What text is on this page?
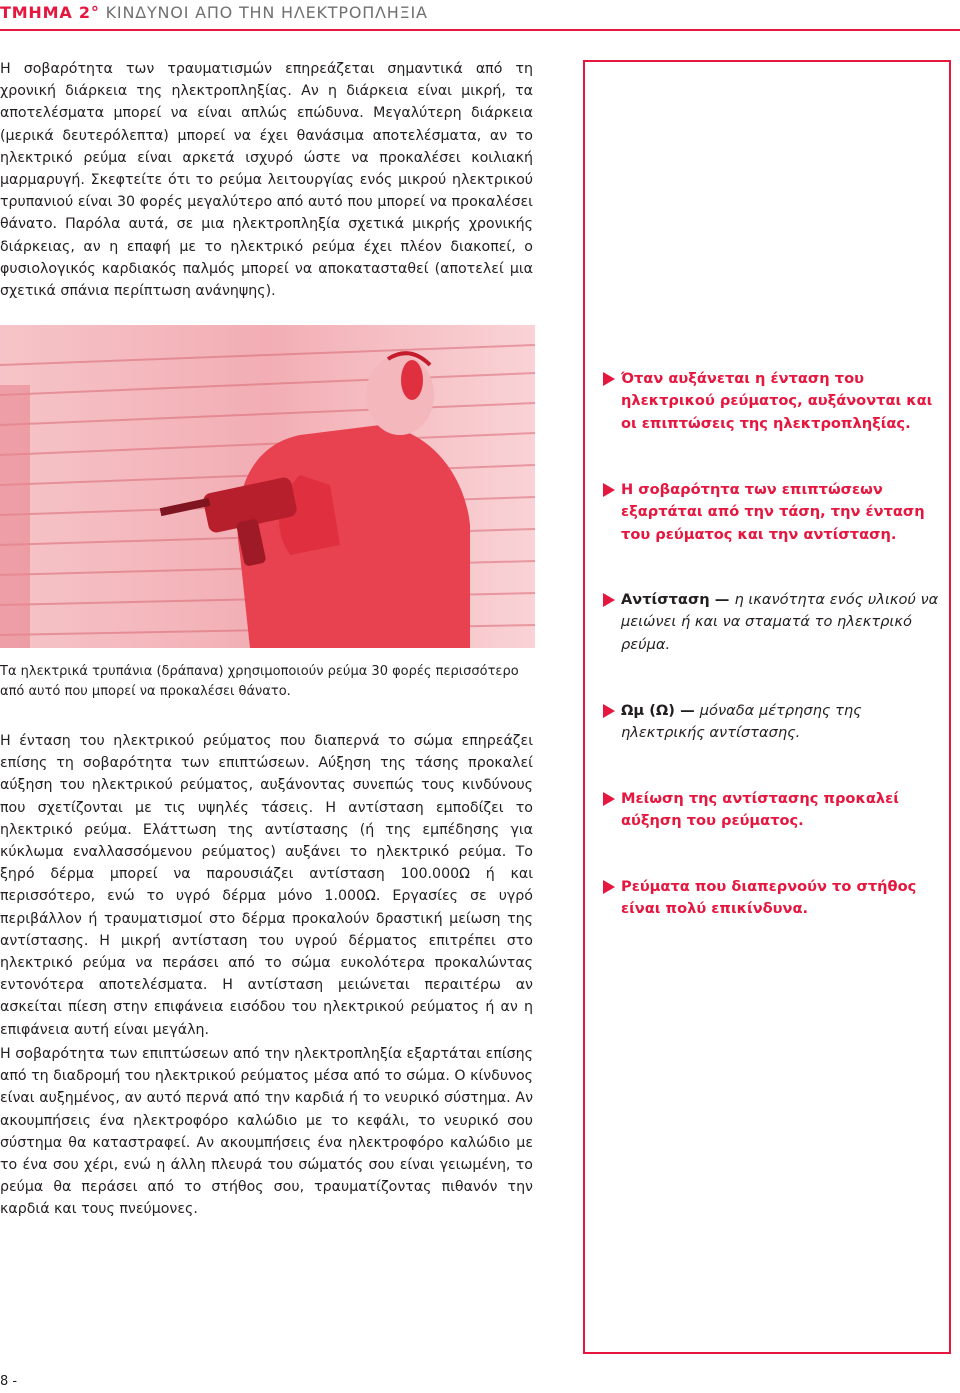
ΤΜΗΜΑ 2° ΚΙΝΔΥΝΟΙ ΑΠΟ ΤΗΝ ΗΛΕΚΤΡΟΠΛΗΞΙΑ

Η σοβαρότητα των τραυματισμών επηρεάζεται σημαντικά από τη χρονική διάρκεια της ηλεκτροπληξίας. Αν η διάρκεια είναι μικρή, τα αποτελέσματα μπορεί να είναι απλώς επώδυνα. Μεγαλύτερη διάρκεια (μερικά δευτερόλεπτα) μπορεί να έχει θανάσιμα αποτελέσματα, αν το ηλεκτρικό ρεύμα είναι αρκετά ισχυρό ώστε να προκαλέσει κοιλιακή μαρμαρυγή. Σκεφτείτε ότι το ρεύμα λειτουργίας ενός μικρού ηλεκτρικού τρυπανιού είναι 30 φορές μεγαλύτερο από αυτό που μπορεί να προκαλέσει θάνατο. Παρόλα αυτά, σε μια ηλεκτροπληξία σχετικά μικρής χρονικής διάρκειας, αν η επαφή με το ηλεκτρικό ρεύμα έχει πλέον διακοπεί, ο φυσιολογικός καρδιακός παλμός μπορεί να αποκατασταθεί (αποτελεί μια σχετικά σπάνια περίπτωση ανάνηψης).

Τα ηλεκτρικά τρυπάνια (δράπανα) χρησιμοποιούν ρεύμα 30 φορές περισσότερο από αυτό που μπορεί να προκαλέσει θάνατο.

Η ένταση του ηλεκτρικού ρεύματος που διαπερνά το σώμα επηρεάζει επίσης τη σοβαρότητα των επιπτώσεων. Αύξηση της τάσης προκαλεί αύξηση του ηλεκτρικού ρεύματος, αυξάνοντας συνεπώς τους κινδύνους που σχετίζονται με τις υψηλές τάσεις. Η αντίσταση εμποδίζει το ηλεκτρικό ρεύμα. Ελάττωση της αντίστασης (ή της εμπέδησης για κύκλωμα εναλλασσόμενου ρεύματος) αυξάνει το ηλεκτρικό ρεύμα. Το ξηρό δέρμα μπορεί να παρουσιάζει αντίσταση 100.000Ω ή και περισσότερο, ενώ το υγρό δέρμα μόνο 1.000Ω. Εργασίες σε υγρό περιβάλλον ή τραυματισμοί στο δέρμα προκαλούν δραστική μείωση της αντίστασης. Η μικρή αντίσταση του υγρού δέρματος επιτρέπει στο ηλεκτρικό ρεύμα να περάσει από το σώμα ευκολότερα προκαλώντας εντονότερα αποτελέσματα. Η αντίσταση μειώνεται περαιτέρω αν ασκείται πίεση στην επιφάνεια εισόδου του ηλεκτρικού ρεύματος ή αν η επιφάνεια αυτή είναι μεγάλη.

Η σοβαρότητα των επιπτώσεων από την ηλεκτροπληξία εξαρτάται επίσης από τη διαδρομή του ηλεκτρικού ρεύματος μέσα από το σώμα. Ο κίνδυνος είναι αυξημένος, αν αυτό περνά από την καρδιά ή το νευρικό σύστημα. Αν ακουμπήσεις ένα ηλεκτροφόρο καλώδιο με το κεφάλι, το νευρικό σου σύστημα θα καταστραφεί. Αν ακουμπήσεις ένα ηλεκτροφόρο καλώδιο με το ένα σου χέρι, ενώ η άλλη πλευρά του σώματός σου είναι γειωμένη, το ρεύμα θα περάσει από το στήθος σου, τραυματίζοντας πιθανόν την καρδιά και τους πνεύμονες.

Όταν αυξάνεται η ένταση του ηλεκτρικού ρεύματος, αυξάνονται και οι επιπτώσεις της ηλεκτροπληξίας.
Η σοβαρότητα των επιπτώσεων εξαρτάται από την τάση, την ένταση του ρεύματος και την αντίσταση.
Αντίσταση — η ικανότητα ενός υλικού να μειώνει ή και να σταματά το ηλεκτρικό ρεύμα.
Ωμ (Ω) — μόναδα μέτρησης της ηλεκτρικής αντίστασης.
Μείωση της αντίστασης προκαλεί αύξηση του ρεύματος.
Ρεύματα που διαπερνούν το στήθος είναι πολύ επικίνδυνα.
8 -
